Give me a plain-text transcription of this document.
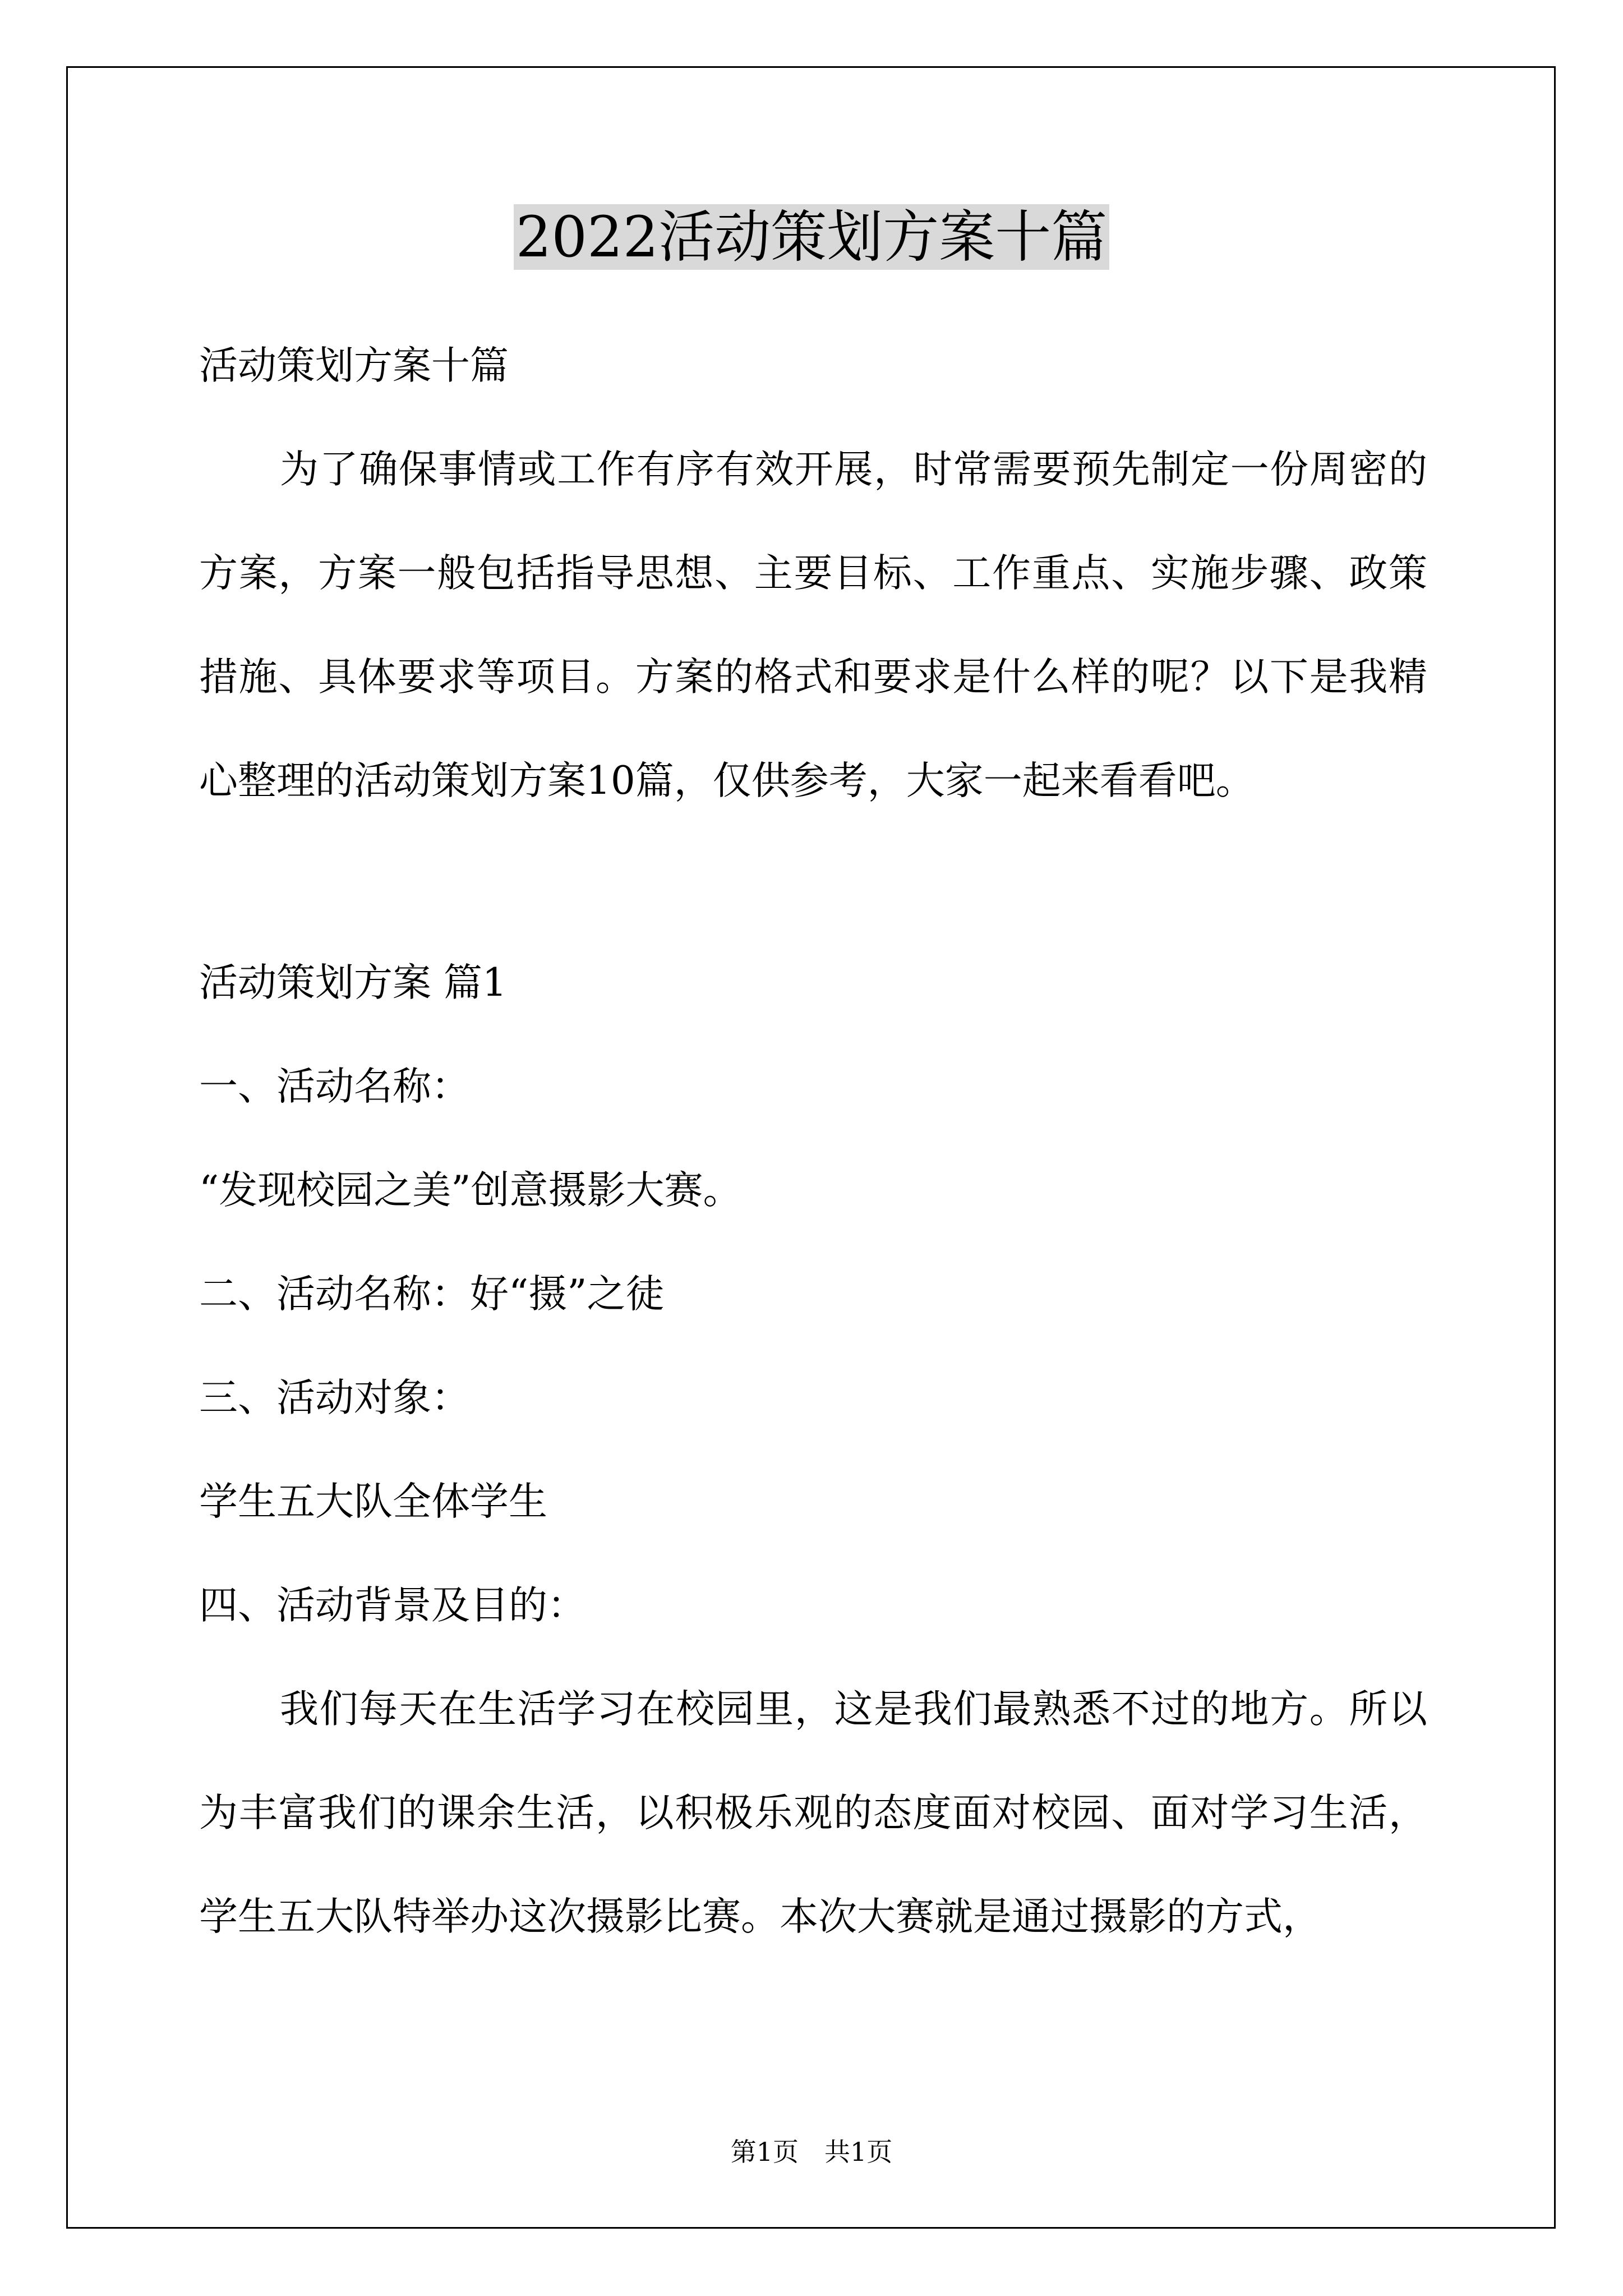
2022活动策划方案十篇

活动策划方案十篇

为了确保事情或工作有序有效开展，时常需要预先制定一份周密的方案，方案一般包括指导思想、主要目标、工作重点、实施步骤、政策措施、具体要求等项目。方案的格式和要求是什么样的呢？以下是我精心整理的活动策划方案10篇，仅供参考，大家一起来看看吧。

活动策划方案 篇1

一、活动名称：

“发现校园之美”创意摄影大赛。

二、活动名称：好“摄”之徒

三、活动对象：

学生五大队全体学生

四、活动背景及目的：

我们每天在生活学习在校园里，这是我们最熟悉不过的地方。所以为丰富我们的课余生活，以积极乐观的态度面对校园、面对学习生活，学生五大队特举办这次摄影比赛。本次大赛就是通过摄影的方式，

第1页　共1页
